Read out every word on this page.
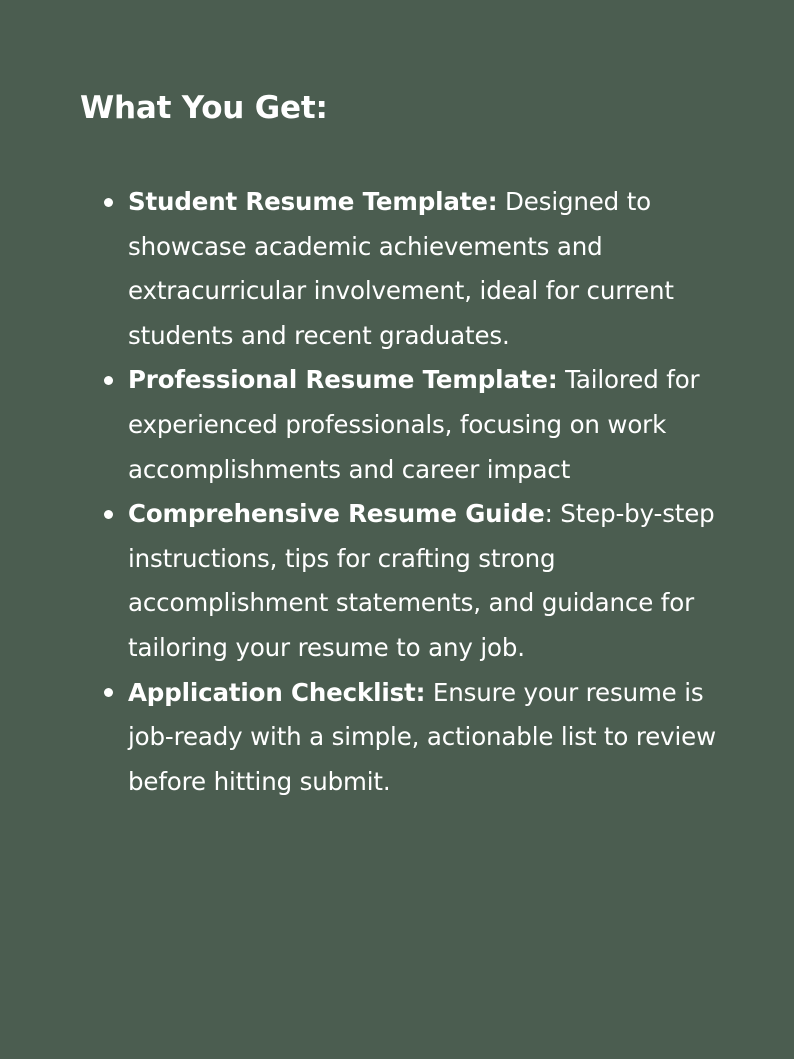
What You Get:
Student Resume Template: Designed to showcase academic achievements and extracurricular involvement, ideal for current students and recent graduates.
Professional Resume Template: Tailored for experienced professionals, focusing on work accomplishments and career impact
Comprehensive Resume Guide: Step-by-step instructions, tips for crafting strong accomplishment statements, and guidance for tailoring your resume to any job.
Application Checklist: Ensure your resume is job-ready with a simple, actionable list to review before hitting submit.
